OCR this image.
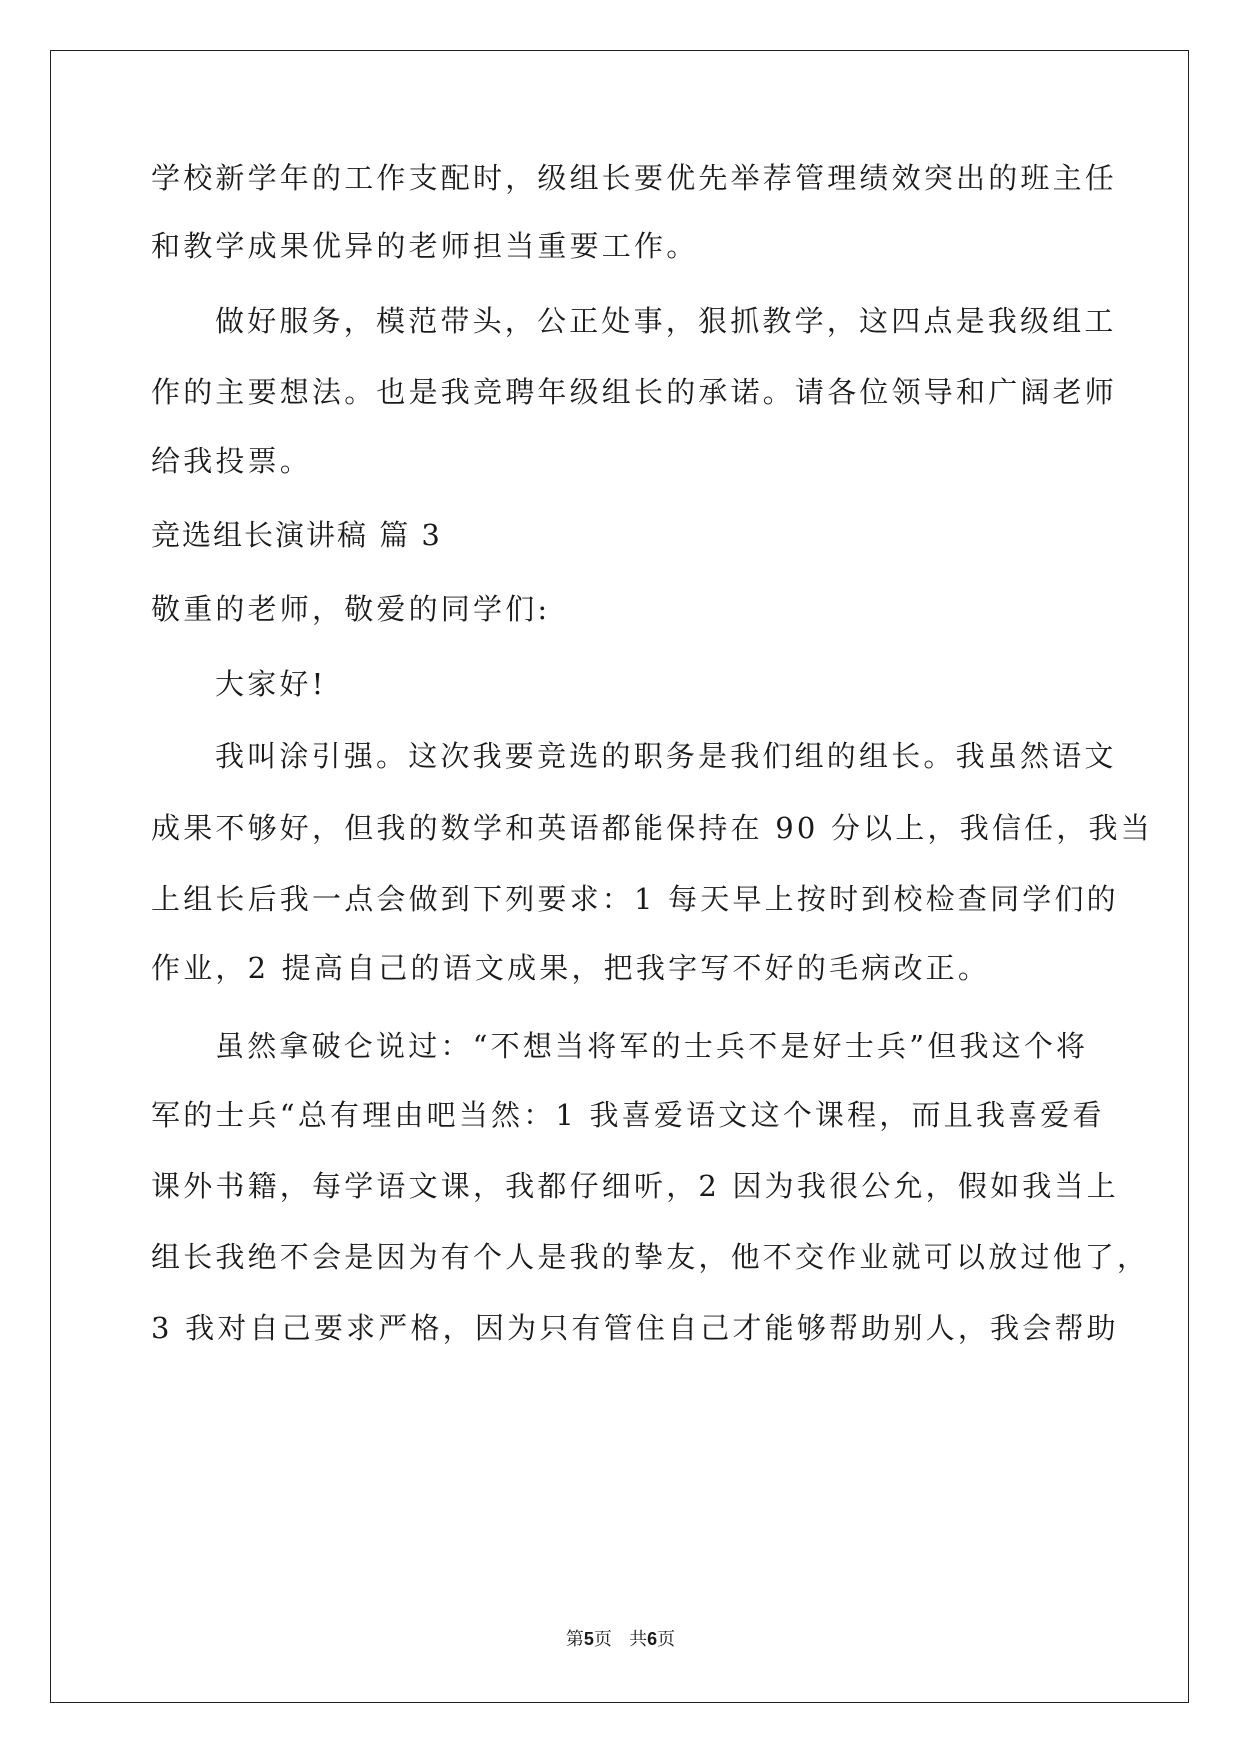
学校新学年的工作支配时，级组长要优先举荐管理绩效突出的班主任
和教学成果优异的老师担当重要工作。
做好服务，模范带头，公正处事，狠抓教学，这四点是我级组工
作的主要想法。也是我竞聘年级组长的承诺。请各位领导和广阔老师
给我投票。
竞选组长演讲稿 篇 3
敬重的老师，敬爱的同学们:
大家好!
我叫涂引强。这次我要竞选的职务是我们组的组长。我虽然语文
成果不够好，但我的数学和英语都能保持在 90 分以上，我信任，我当
上组长后我一点会做到下列要求：1 每天早上按时到校检查同学们的
作业，2 提高自己的语文成果，把我字写不好的毛病改正。
虽然拿破仑说过：“不想当将军的士兵不是好士兵”但我这个将
军的士兵“总有理由吧当然：1 我喜爱语文这个课程，而且我喜爱看
课外书籍，每学语文课，我都仔细听，2 因为我很公允，假如我当上
组长我绝不会是因为有个人是我的挚友，他不交作业就可以放过他了，
3 我对自己要求严格，因为只有管住自己才能够帮助别人，我会帮助
第5页   共6页
